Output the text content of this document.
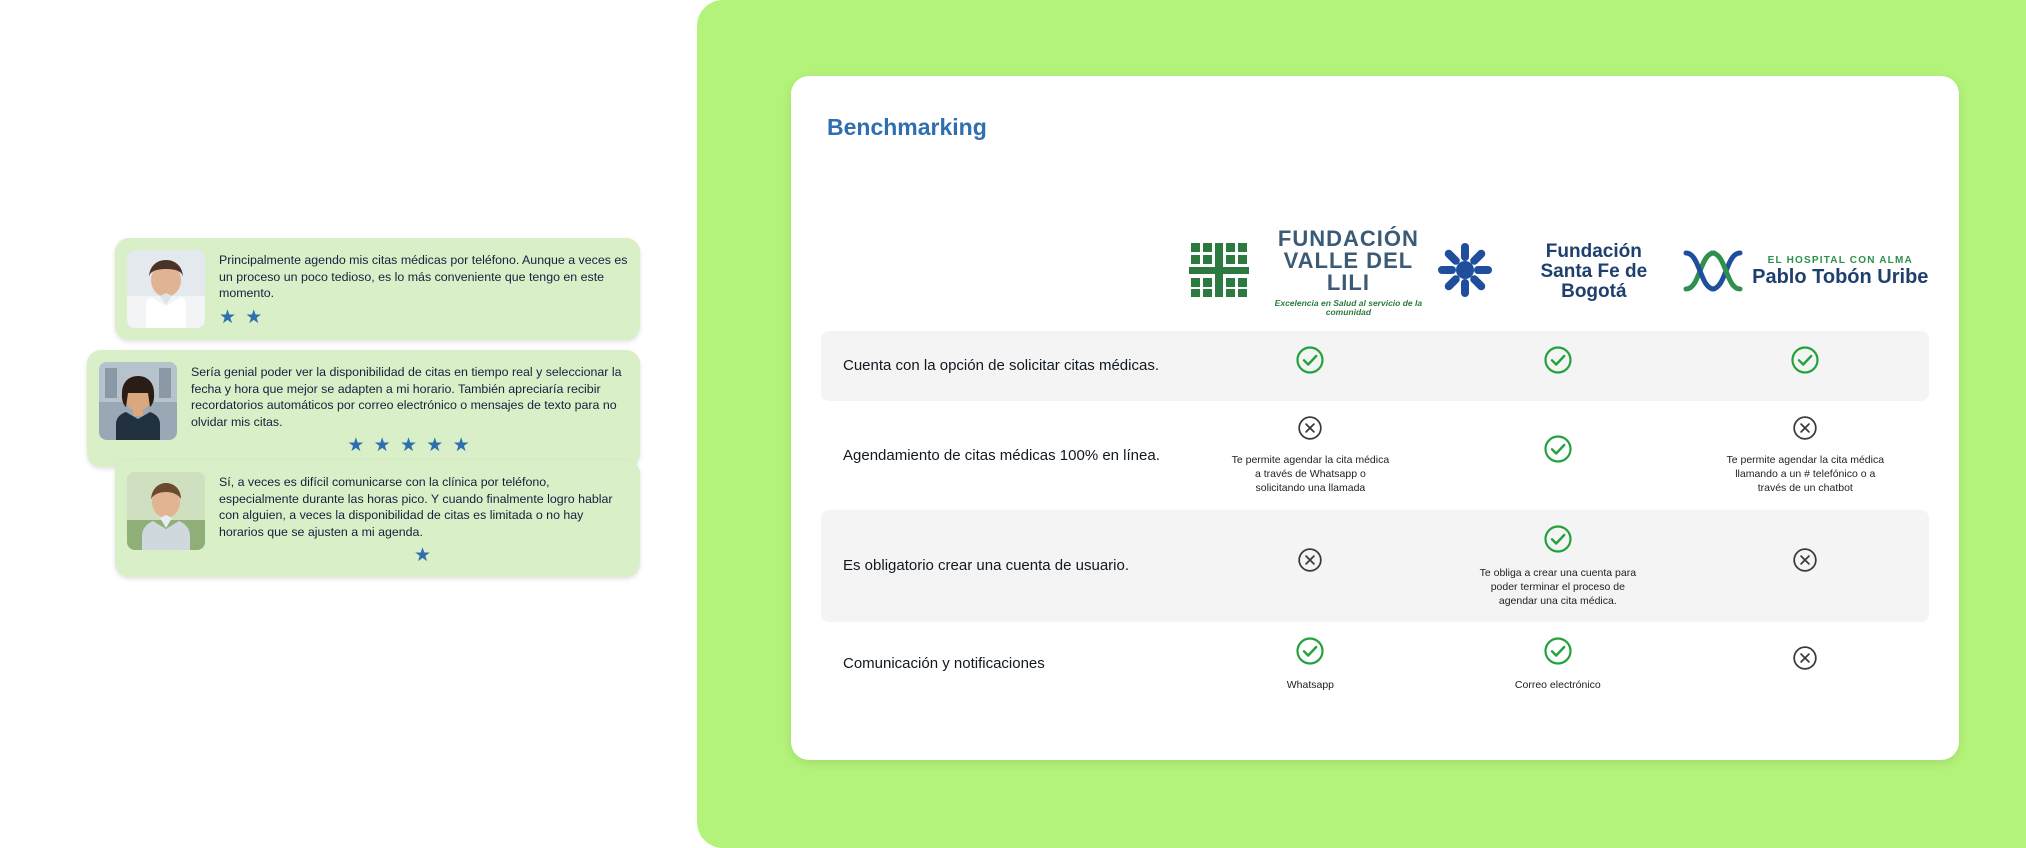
Principalmente agendo mis citas médicas por teléfono. Aunque a veces es un proceso un poco tedioso, es lo más conveniente que tengo en este momento.
★ ★
Sería genial poder ver la disponibilidad de citas en tiempo real y seleccionar la fecha y hora que mejor se adapten a mi horario. También apreciaría recibir recordatorios automáticos por correo electrónico o mensajes de texto para no olvidar mis citas.
★ ★ ★ ★ ★
Sí, a veces es difícil comunicarse con la clínica por teléfono, especialmente durante las horas pico. Y cuando finalmente logro hablar con alguien, a veces la disponibilidad de citas es limitada o no hay horarios que se ajusten a mi agenda.
★
Benchmarking

FUNDACIÓN
VALLE DEL LILI
Excelencia en Salud al servicio de la comunidad

Fundación
Santa Fe de Bogotá

EL HOSPITAL CON ALMA
Pablo Tobón Uribe

Cuenta con la opción de solicitar citas médicas.	

Agendamiento de citas médicas 100% en línea.	Te permite agendar la cita médica a través de Whatsapp o solicitando una llamada		Te permite agendar la cita médica llamando a un # telefónico o a través de un chatbot

Es obligatorio crear una cuenta de usuario.		Te obliga a crear una cuenta para poder terminar el proceso de agendar una cita médica.

Comunicación y notificaciones	Whatsapp	Correo electrónico
